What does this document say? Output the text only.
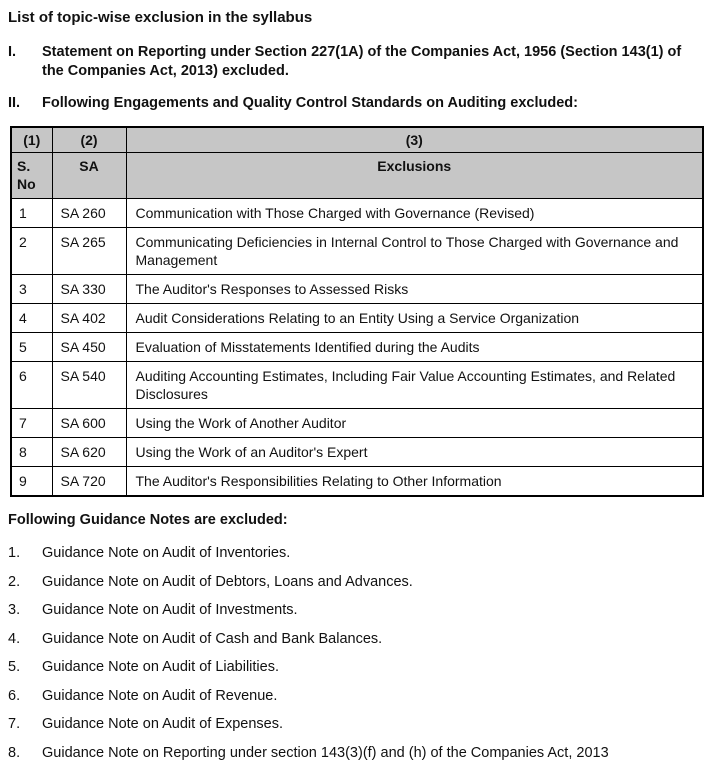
List of topic-wise exclusion in the syllabus
I.	Statement on Reporting under Section 227(1A) of the Companies Act, 1956 (Section 143(1) of the Companies Act, 2013) excluded.
II.	Following Engagements and Quality Control Standards on Auditing excluded:
(1)	(2)	(3)
S. No	SA	Exclusions
1	SA 260	Communication with Those Charged with Governance (Revised)
2	SA 265	Communicating Deficiencies in Internal Control to Those Charged with Governance and Management
3	SA 330	The Auditor's Responses to Assessed Risks
4	SA 402	Audit Considerations Relating to an Entity Using a Service Organization
5	SA 450	Evaluation of Misstatements Identified during the Audits
6	SA 540	Auditing Accounting Estimates, Including Fair Value Accounting Estimates, and Related Disclosures
7	SA 600	Using the Work of Another Auditor
8	SA 620	Using the Work of an Auditor's Expert
9	SA 720	The Auditor's Responsibilities Relating to Other Information
Following Guidance Notes are excluded:
1.	Guidance Note on Audit of Inventories.
2.	Guidance Note on Audit of Debtors, Loans and Advances.
3.	Guidance Note on Audit of Investments.
4.	Guidance Note on Audit of Cash and Bank Balances.
5.	Guidance Note on Audit of Liabilities.
6.	Guidance Note on Audit of Revenue.
7.	Guidance Note on Audit of Expenses.
8.	Guidance Note on Reporting under section 143(3)(f) and (h) of the Companies Act, 2013
